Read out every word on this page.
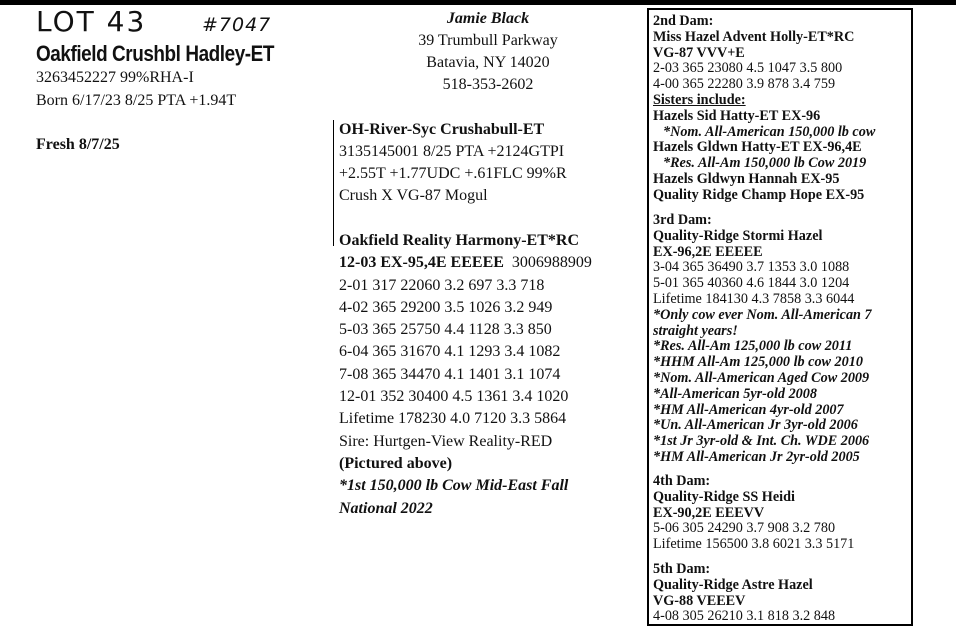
LOT 43	#7047
Oakfield Crushbl Hadley-ET
3263452227 99%RHA-I
Born 6/17/23 8/25 PTA +1.94T
Fresh 8/7/25
Jamie Black
39 Trumbull Parkway
Batavia, NY 14020
518-353-2602
OH-River-Syc Crushabull-ET
3135145001 8/25 PTA +2124GTPI
+2.55T +1.77UDC +.61FLC 99%R
Crush X VG-87 Mogul
Oakfield Reality Harmony-ET*RC
12-03 EX-95,4E EEEEE 3006988909
2-01 317 22060 3.2 697 3.3 718
4-02 365 29200 3.5 1026 3.2 949
5-03 365 25750 4.4 1128 3.3 850
6-04 365 31670 4.1 1293 3.4 1082
7-08 365 34470 4.1 1401 3.1 1074
12-01 352 30400 4.5 1361 3.4 1020
Lifetime 178230 4.0 7120 3.3 5864
Sire: Hurtgen-View Reality-RED
(Pictured above)
*1st 150,000 lb Cow Mid-East Fall
National 2022
2nd Dam:
Miss Hazel Advent Holly-ET*RC
VG-87 VVV+E
2-03 365 23080 4.5 1047 3.5 800
4-00 365 22280 3.9 878 3.4 759
Sisters include:
Hazels Sid Hatty-ET EX-96
*Nom. All-American 150,000 lb cow
Hazels Gldwn Hatty-ET EX-96,4E
*Res. All-Am 150,000 lb Cow 2019
Hazels Gldwyn Hannah EX-95
Quality Ridge Champ Hope EX-95
3rd Dam:
Quality-Ridge Stormi Hazel
EX-96,2E EEEEE
3-04 365 36490 3.7 1353 3.0 1088
5-01 365 40360 4.6 1844 3.0 1204
Lifetime 184130 4.3 7858 3.3 6044
*Only cow ever Nom. All-American 7
straight years!
*Res. All-Am 125,000 lb cow 2011
*HHM All-Am 125,000 lb cow 2010
*Nom. All-American Aged Cow 2009
*All-American 5yr-old 2008
*HM All-American 4yr-old 2007
*Un. All-American Jr 3yr-old 2006
*1st Jr 3yr-old & Int. Ch. WDE 2006
*HM All-American Jr 2yr-old 2005
4th Dam:
Quality-Ridge SS Heidi
EX-90,2E EEEVV
5-06 305 24290 3.7 908 3.2 780
Lifetime 156500 3.8 6021 3.3 5171
5th Dam:
Quality-Ridge Astre Hazel
VG-88 VEEEV
4-08 305 26210 3.1 818 3.2 848
